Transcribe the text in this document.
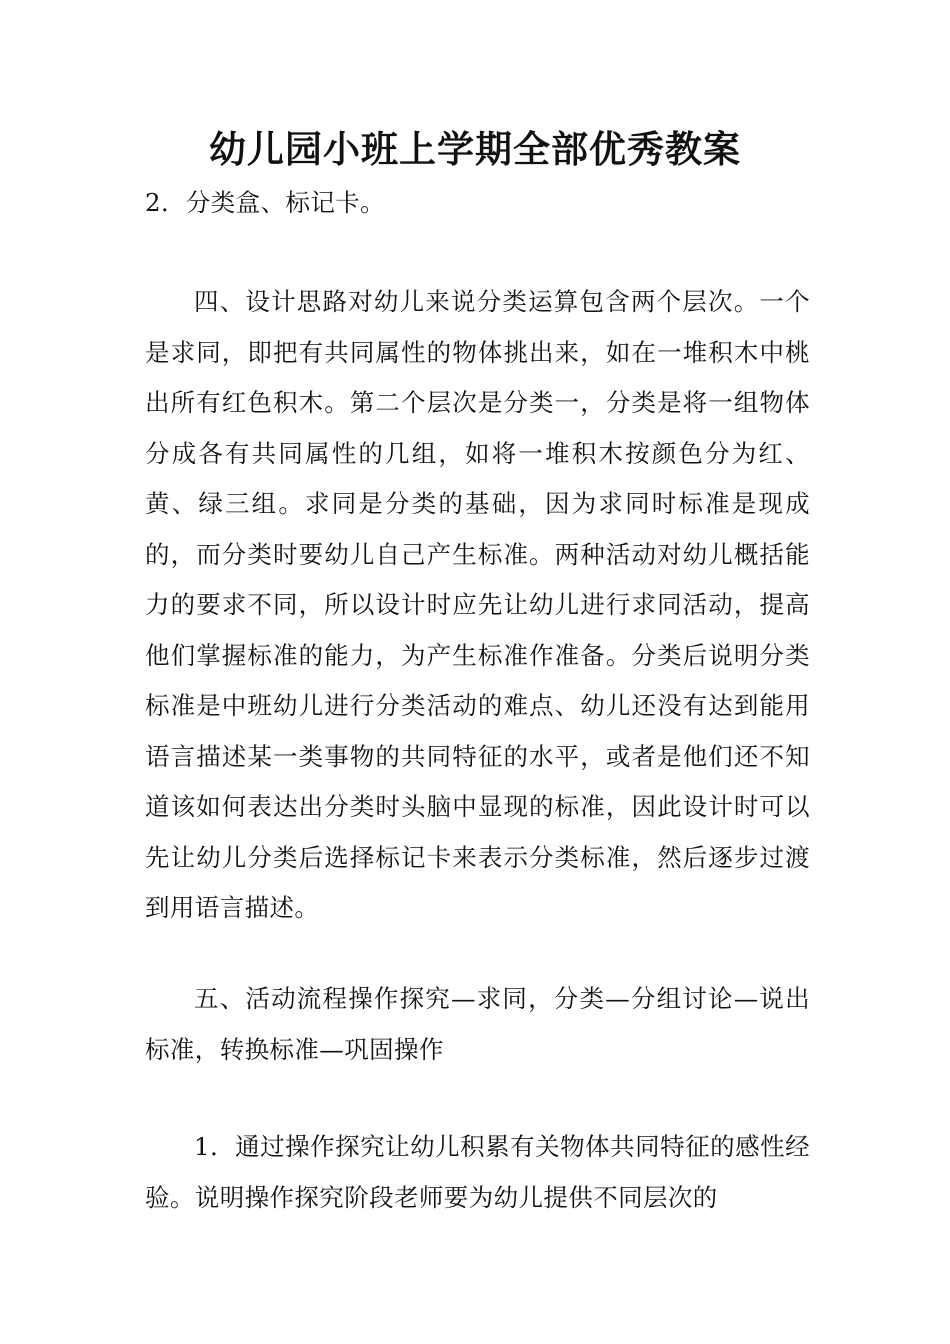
幼儿园小班上学期全部优秀教案

2．分类盒、标记卡。

四、设计思路对幼儿来说分类运算包含两个层次。一个是求同，即把有共同属性的物体挑出来，如在一堆积木中桃出所有红色积木。第二个层次是分类一，分类是将一组物体分成各有共同属性的几组，如将一堆积木按颜色分为红、黄、绿三组。求同是分类的基础，因为求同时标准是现成的，而分类时要幼儿自己产生标准。两种活动对幼儿概括能力的要求不同，所以设计时应先让幼儿进行求同活动，提高他们掌握标准的能力，为产生标准作准备。分类后说明分类标准是中班幼儿进行分类活动的难点、幼儿还没有达到能用语言描述某一类事物的共同特征的水平，或者是他们还不知道该如何表达出分类时头脑中显现的标准，因此设计时可以先让幼儿分类后选择标记卡来表示分类标准，然后逐步过渡到用语言描述。

五、活动流程操作探究—求同，分类—分组讨论—说出标准，转换标准—巩固操作

1．通过操作探究让幼儿积累有关物体共同特征的感性经验。说明操作探究阶段老师要为幼儿提供不同层次的
